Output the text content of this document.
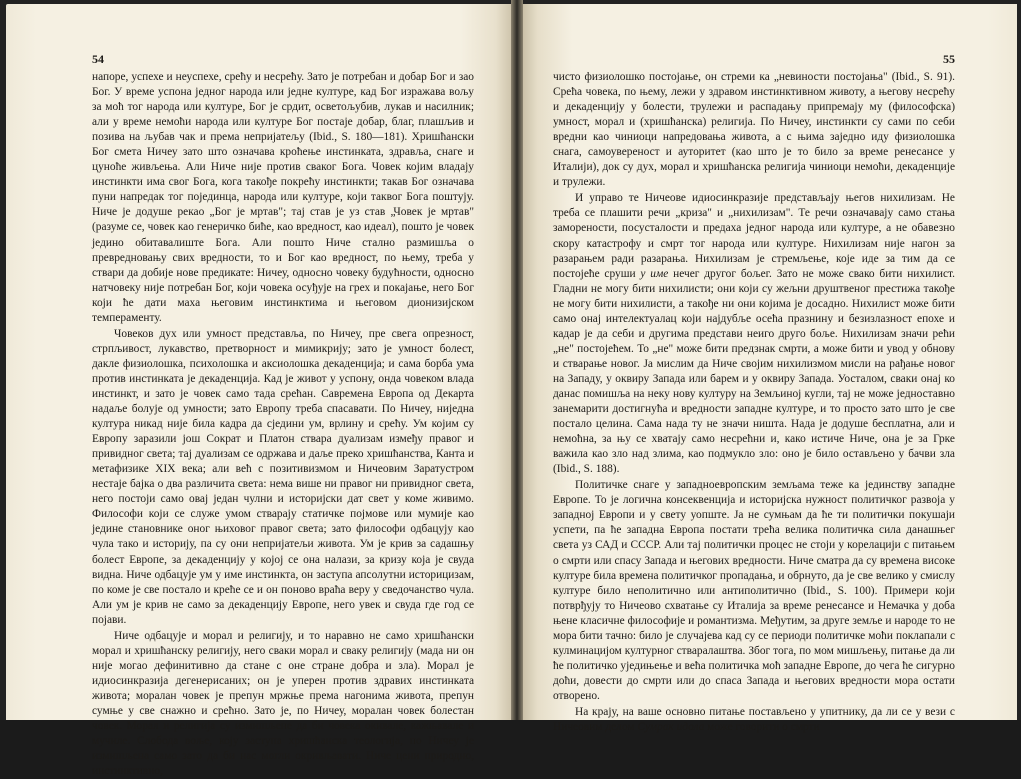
54

напоре, успехе и неуспехе, срећу и несрећу. Зато је потребан и добар Бог и зао Бог. У време успона једног народа или једне културе, кад Бог изражава вољу за моћ тог народа или културе, Бог је срдит, осветољубив, лукав и насилник; али у време немоћи народа или културе Бог постаје добар, благ, плашљив и позива на љубав чак и према непријатељу (Ibid., S. 180—181). Хришћански Бог смета Ничеу зато што означава крoћење инстинката, здравља, снаге и цуноће живљења. Али Ниче није против сваког Бога. Човек којим владају инстинкти има свог Бога, кога такође покрећу инстинкти; такав Бог означава пуни напредак тог појединца, народа или културе, који таквог Бога поштују. Ниче је додуше рекао „Бог је мртав"; тај став је уз став „Човек је мртав" (разуме се, човек као генеричко биће, као вредност, као идеал), пошто је човек једино обитавалиште Бога. Али пошто Ниче стално размишља о превредновању свих вредности, то и Бог као вредност, по њему, треба у ствари да добије нове предикате: Ничеу, односно човеку будућности, односно натчовеку није потребан Бог, који човека осуђује на грех и покајање, него Бог који ће дати маха његовим инстинктима и његовом дионизијском темпераменту.

Човеков дух или умност представља, по Ничеу, пре свега опрезност, стрпљивост, лукавство, претворност и мимикрију; зато је умност болест, дакле физиолошка, психолошка и аксиолошка декаденција; и сама борба ума против инстинката је декаденција. Кад је живот у успону, онда човеком влада инстинкт, и зато је човек само тада срећан. Савремена Европа од Декарта надаље болује од умности; зато Европу треба спасавати. По Ничеу, ниједна култура никад није била кадра да сједини ум, врлину и срећу. Ум којим су Европу заразили још Сократ и Платон ствара дуализам између правог и привидног света; тај дуализам се одржава и даље преко хришћанства, Канта и метафизике XIX века; али већ с позитивизмом и Ничеовим Заратустром нестаје бајка о два различита света: нема више ни правог ни привидног света, него постоји само овај један чулни и историјски дат свет у коме живимо. Философи који се служе умом стварају статичке појмове или мумије као једине становнике оног њиховог правог света; зато философи одбацују као чула тако и историју, па су они непријатељи живота. Ум је крив за садашњу болест Европе, за декаденцију у којој се она налази, за кризу која је свуда видна. Ниче одбацује ум у име инстинкта, он заступа апсолутни историцизам, по коме је све постало и креће се и он поново враћа веру у сведочанство чула. Али ум је крив не само за декаденцију Европе, него увек и свуда где год се појави.

Ниче одбацује и морал и религију, и то наравно не само хришћански морал и хришћанску религију, него сваки морал и сваку религију (мада ни он није могао дефинитивно да стане с оне стране добра и зла). Морал је идиосинкразија дегенерисаних; он је уперен против здравих инстинката живота; моралан човек је препун мржње према нагонима живота, препун сумње у све снажно и срећно. Зато је, по Ничеу, моралан човек болестан човек. Морал и религија су измишљене да би човека окивале, кажњавале и мучиле. Слобода воље, коју заступа хришћанска теологија, по Ничеу је измишљена само зато да би нас могли окривљавати. Ниче цени природно, инстинктивно,

55

чисто физиолошко постојање, он стреми ка „невиности постојања" (Ibid., S. 91). Срећа човека, по њему, лежи у здравом инстинктивном животу, а његову несрећу и декаденцију у болести, трулежи и распадању припремају му (философска) умност, морал и (хришћанска) религија. По Ничеу, инстинкти су сами по себи вредни као чиниоци напредовања живота, а с њима заједно иду физиолошка снага, самоувереност и ауторитет (као што је то било за време ренесансе у Италији), док су дух, морал и хришћанска религија чиниоци немоћи, декаденције и трулежи.

И управо те Ничеове идиосинкразије представљају његов нихилизам. Не треба се плашити речи „криза" и „нихилизам". Те речи означавају само стања заморености, посусталости и предаха једног народа или културе, а не обавезно скору катастрофу и смрт тог народа или културе. Нихилизам није нагон за разарањем ради разарања. Нихилизам је стремљење, које иде за тим да се постојеће сруши у име нечег другог бољег. Зато не може свако бити нихилист. Гладни не могу бити нихилисти; они који су жељни друштвеног престижа такође не могу бити нихилисти, а такође ни они којима је досадно. Нихилист може бити само онај интелектуалац који најдубље осећа празнину и безизлазност епохе и кадар је да себи и другима представи неиго друго боље. Нихилизам значи рећи „не" постојећем. То „не" може бити предзнак смрти, а може бити и увод у обнову и стварање новог. Ја мислим да Ниче својим нихилизмом мисли на рађање новог на Западу, у оквиру Запада или барем и у оквиру Запада. Уосталом, сваки онај ко данас помишља на неку нову културу на Земљиној кугли, тај не може једноставно занемарити достигнућа и вредности западне културе, и то просто зато што је све постало целина. Сама нада ту не значи ништа. Нада је додуше бесплатна, али и немоћна, за њу се хватају само несрећни и, како истиче Ниче, она је за Грке важила као зло над злима, као подмукло зло: оно је било остављено у бачви зла (Ibid., S. 188).

Политичке снаге у западноевропским земљама теже ка јединству западне Европе. То је логична консеквенција и историјска нужност политичког развоја у западној Европи и у свету уопште. Ја не сумњам да ће ти политички покушаји успети, па ће западна Европа постати трећа велика политичка сила данашњег света уз САД и СССР. Али тај политички процес не стоји у корелацији с питањем о смрти или спасу Запада и његових вредности. Ниче сматра да су времена високе културе била времена политичког пропадања, и обрнуто, да је све велико у смислу културе било неполитично или антиполитично (Ibid., S. 100). Примери који потврђују то Ничеово схватање су Италија за време ренесансе и Немачка у доба њене класичне философије и романтизма. Међутим, за друге земље и народе то не мора бити тачно: било је случајева кад су се периоди политичке моћи поклапали с кулминацијом културног стваралаштва. Због тога, по мом мишљењу, питање да ли ће политичко уједињење и већа политичка моћ западне Европе, до чега ће сигурно доћи, довести до смрти или до спаса Запада и његових вредности мора остати отворено.

На крају, на ваше основно питање постављено у упитнику, да ли се у вези с Ничеовим делом Сумрак идола може говорити о смрти
